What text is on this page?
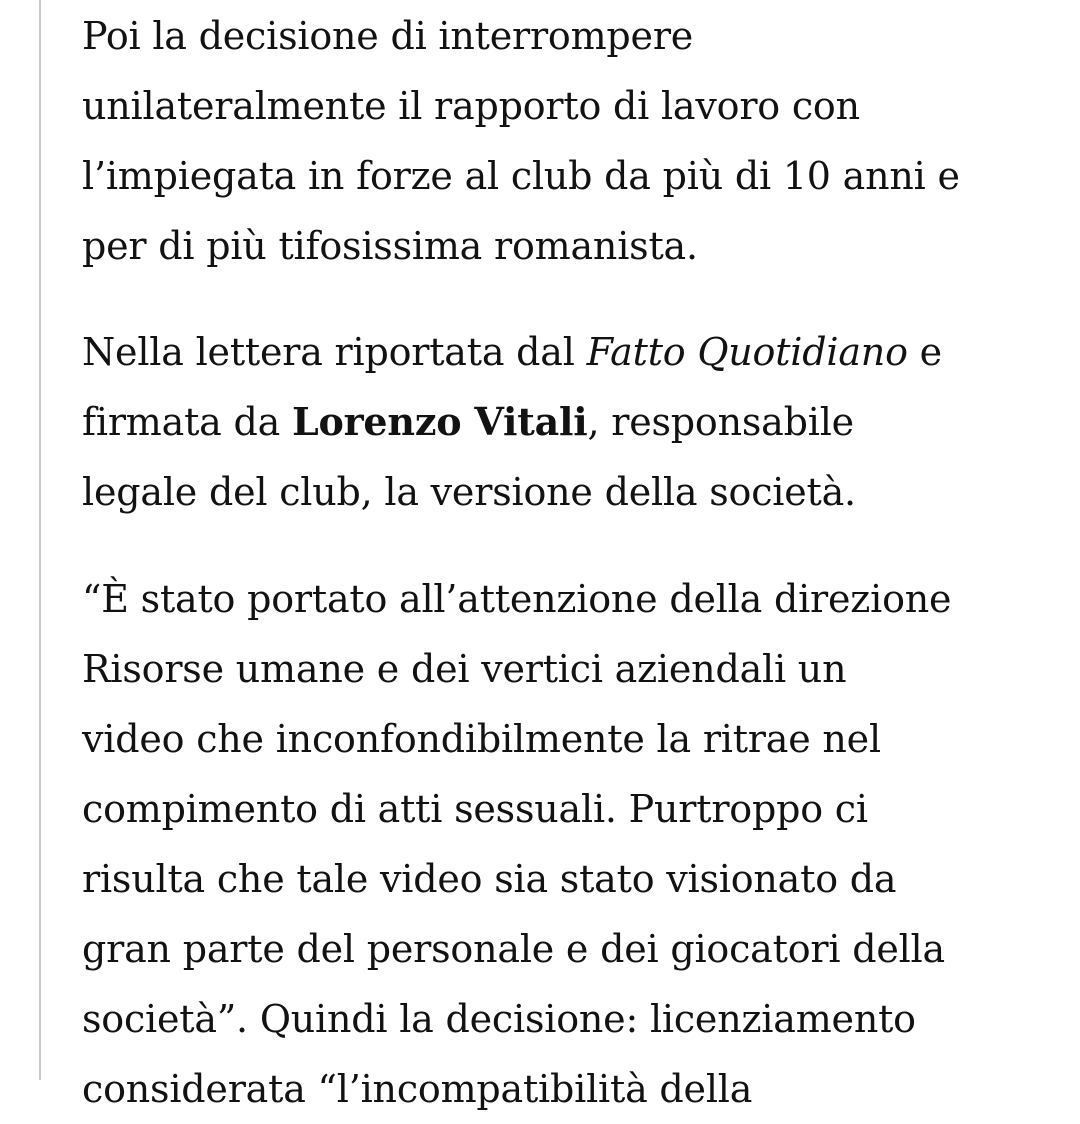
Poi la decisione di interrompere
unilateralmente il rapporto di lavoro con
l’impiegata in forze al club da più di 10 anni e
per di più tifosissima romanista.

Nella lettera riportata dal Fatto Quotidiano e
firmata da Lorenzo Vitali, responsabile
legale del club, la versione della società.

“È stato portato all’attenzione della direzione
Risorse umane e dei vertici aziendali un
video che inconfondibilmente la ritrae nel
compimento di atti sessuali. Purtroppo ci
risulta che tale video sia stato visionato da
gran parte del personale e dei giocatori della
società”. Quindi la decisione: licenziamento
considerata “l’incompatibilità della
